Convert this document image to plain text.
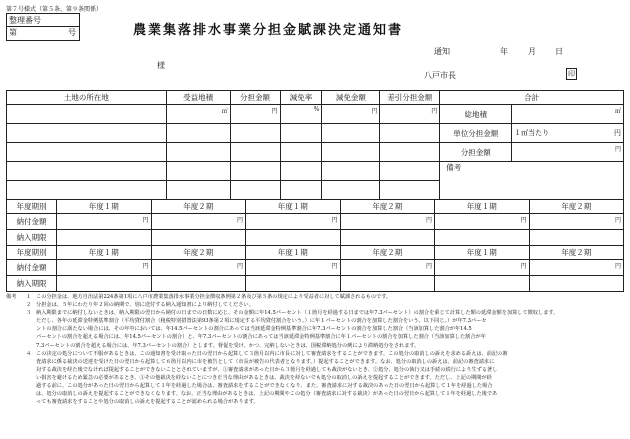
第７号様式（第５条、第９条関係）
整理番号
第	号	農業集落排水事業分担金賦課決定通知書
通知	年	月 日
様
八戸市長	印
土地の所在地	受益地積	分担金額	減免率	減免金額	差引分担金額	合計	
	㎡	円	%	円	円	総地積	㎡
						単位分担金額	１㎡当たり 円

						分担金額	円
						備考	

年度期別	年度１期	年度２期	年度１期	年度２期	年度１期	年度２期
納付金額	円	円	円	円	円	円
納入期限						
年度期別	年度１期	年度２期	年度１期	年度２期	年度１期	年度２期
納付金額	円	円	円	円	円	円
納入期限						
備考	１ この分担金は、地方自治法第224条第1項に八戸市農業集落排水事業分担金徴収条例第２条及び第５条の規定により受益者に対して賦課されるものです。
２ 分担金は、５年にわたり年２回の納期で、別に送付する納入通知書により納付してください。
３ 納入期限までに納付しないときは、納入期限の翌日から納付の日までの日数に応じ、その金額に年14.5パーセント（１箇月を経過する日までは年7.3パーセント）の割合を乗じて計算した額の延滞金額を加算して徴収します。
ただし、各年の延滞金特例基準割合（平均貸付割合（租税特別措置法第93条第２項に規定する平均貸付割合をいう。）に年１パーセントの割合を加算した割合をいう。以下同じ。）が年7.3パーセ
ントの割合に満たない場合には、その年中においては、年14.5パーセントの割合にあっては当該延滞金特例基準割合に年7.3パーセントの割合を加算した割合（当該加算した割合が年14.5
パーセントの割合を超える場合には、年14.5パーセントの割合）と、年7.3パーセントの割合にあっては当該延滞金特例基準割合に年１パーセントの割合を加算した割合（当該加算した割合が年
7.3パーセントの割合を超える場合には、年7.3パーセントの割合）とします。督促を受け、かつ、完納しないときは、国税滞納処分の例により滞納処分をされます。
４ この決定の処分について不服があるときは、この通知書を受け取った日の翌日から起算して３箇月以内に市長に対して審査請求をすることができます。この処分の取消しの訴えを求める訴えは、前記の審
査請求に係る裁決の送達を受けた日の翌日から起算して６箇月以内に市を被告として（市長が被告の代表者となります。）提起することができます。なお、処分の取消しの訴えは、前記の審査請求に
対する裁決を経た後でなければ提起することができないこととされていますが、①審査請求があった日から３箇月を経過しても裁決がないとき、②処分、処分の執行又は手続の続行により生ずる著し
い損害を避けるため緊急の必要があるとき、③その他裁決を経ないことにつき正当な理由があるときは、裁決を経ないでも処分の取消しの訴えを提起することができます。ただし、上記の期間が経
過する前に、この処分があった日の翌日から起算して１年を経過した場合は、審査請求をすることができなくなり、また、審査請求に対する裁決のあった日の翌日から起算して１年を経過した場合
は、処分の取消しの訴えを提起することができなくなります。なお、正当な理由があるときは、上記の期間やこの処分（審査請求に対する裁決）があった日の翌日から起算して１年を経過した後であ
っても審査請求をすることや処分の取消しの訴えを提起することが認められる場合があります。
